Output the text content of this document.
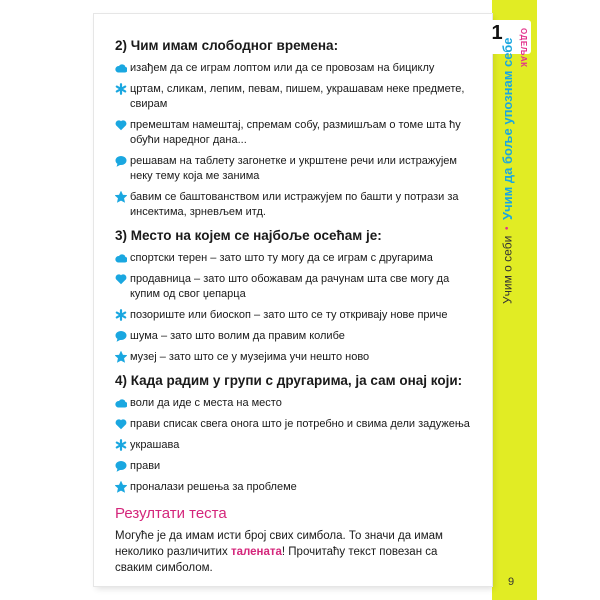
1	ОДЕЉАК
Учим о себи
•
Учим да боље упознам себе
9
2) Чим имам слободног времена:
изађем да се играм лоптом или да се провозам на бициклу
цртам, сликам, лепим, певам, пишем, украшавам неке предмете, свирам
премештам намештај, спремам собу, размишљам о томе шта ћу обући наредног дана...
решавам на таблету загонетке и укрштене речи или истражујем неку тему која ме занима
бавим се баштованством или истражујем по башти у потрази за инсектима, зрневљем итд.
3) Место на којем се најбоље осећам је:
спортски терен – зато што ту могу да се играм с другарима
продавница – зато што обожавам да рачунам шта све могу да купим од свог џепарца
позориште или биоскоп – зато што се ту откривају нове приче
шума – зато што волим да правим колибе
музеј – зато што се у музејима учи нешто ново
4) Када радим у групи с другарима, ја сам онај који:
воли да иде с места на место
прави списак свега онога што је потребно и свима дели задужења
украшава
прави
проналази решења за проблеме
Резултати теста

Могуће је да имам исти број свих симбола. То значи да имам неколико различитих таленатa! Прочитаћу текст повезан са сваким симболом.
